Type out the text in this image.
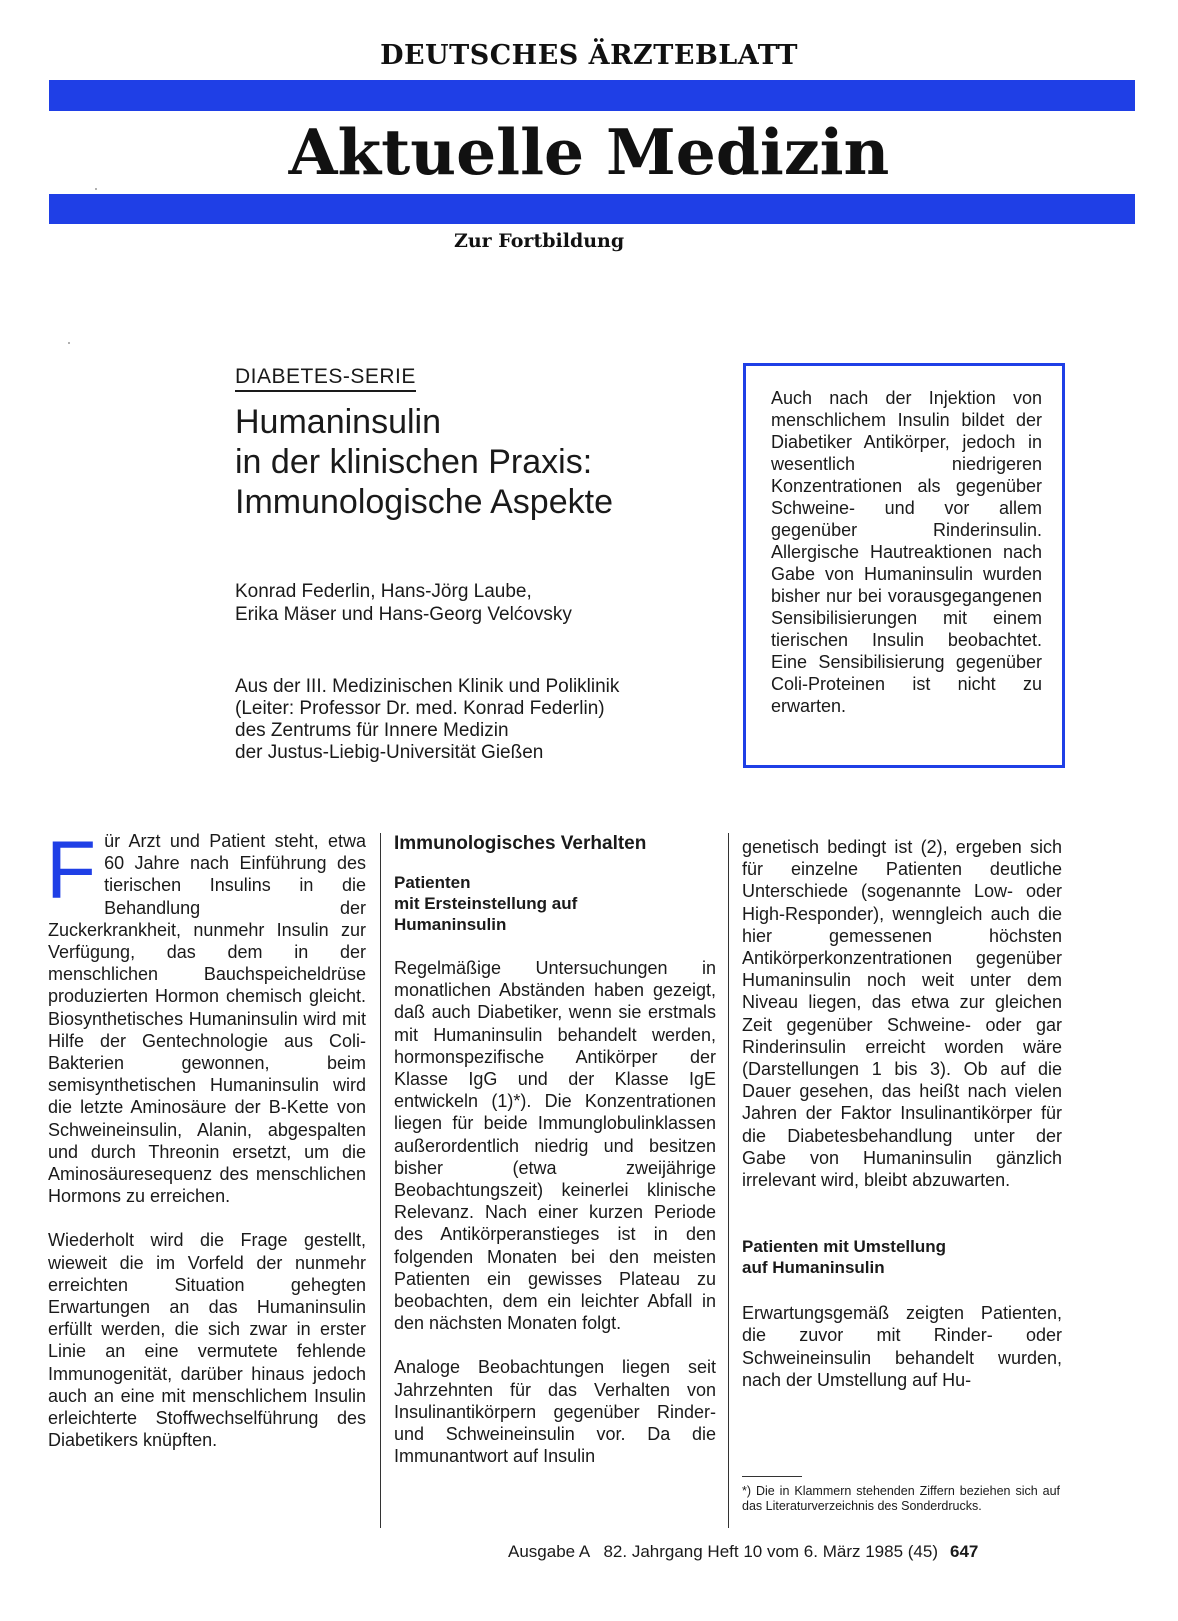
DEUTSCHES ÄRZTEBLATT
Aktuelle Medizin
Zur Fortbildung
DIABETES-SERIE
Humaninsulin
in der klinischen Praxis:
Immunologische Aspekte
Konrad Federlin, Hans-Jörg Laube,
Erika Mäser und Hans-Georg Velćovsky
Aus der III. Medizinischen Klinik und Poliklinik
(Leiter: Professor Dr. med. Konrad Federlin)
des Zentrums für Innere Medizin
der Justus-Liebig-Universität Gießen
Auch nach der Injektion von menschlichem Insulin bildet der Diabetiker Antikörper, jedoch in wesentlich niedrigeren Konzentrationen als gegenüber Schweine- und vor allem gegenüber Rinderinsulin. Allergische Hautreaktionen nach Gabe von Humaninsulin wurden bisher nur bei vorausgegangenen Sensibilisierungen mit einem tierischen Insulin beobachtet. Eine Sensibilisierung gegenüber Coli-Proteinen ist nicht zu erwarten.

Für Arzt und Patient steht, etwa 60 Jahre nach Einführung des tierischen Insulins in die Behandlung der Zuckerkrankheit, nunmehr Insulin zur Verfügung, das dem in der menschlichen Bauchspeicheldrüse produzierten Hormon chemisch gleicht. Biosynthetisches Humaninsulin wird mit Hilfe der Gentechnologie aus Coli-Bakterien gewonnen, beim semisynthetischen Humaninsulin wird die letzte Aminosäure der B-Kette von Schweineinsulin, Alanin, abgespalten und durch Threonin ersetzt, um die Aminosäuresequenz des menschlichen Hormons zu erreichen.

Wiederholt wird die Frage gestellt, wieweit die im Vorfeld der nunmehr erreichten Situation gehegten Erwartungen an das Humaninsulin erfüllt werden, die sich zwar in erster Linie an eine vermutete fehlende Immunogenität, darüber hinaus jedoch auch an eine mit menschlichem Insulin erleichterte Stoffwechselführung des Diabetikers knüpften.

Immunologisches Verhalten
Patienten
mit Ersteinstellung auf
Humaninsulin

Regelmäßige Untersuchungen in monatlichen Abständen haben gezeigt, daß auch Diabetiker, wenn sie erstmals mit Humaninsulin behandelt werden, hormonspezifische Antikörper der Klasse IgG und der Klasse IgE entwickeln (1)*). Die Konzentrationen liegen für beide Immunglobulinklassen außerordentlich niedrig und besitzen bisher (etwa zweijährige Beobachtungszeit) keinerlei klinische Relevanz. Nach einer kurzen Periode des Antikörperanstieges ist in den folgenden Monaten bei den meisten Patienten ein gewisses Plateau zu beobachten, dem ein leichter Abfall in den nächsten Monaten folgt.

Analoge Beobachtungen liegen seit Jahrzehnten für das Verhalten von Insulinantikörpern gegenüber Rinder- und Schweineinsulin vor. Da die Immunantwort auf Insulin

genetisch bedingt ist (2), ergeben sich für einzelne Patienten deutliche Unterschiede (sogenannte Low- oder High-Responder), wenngleich auch die hier gemessenen höchsten Antikörperkonzentrationen gegenüber Humaninsulin noch weit unter dem Niveau liegen, das etwa zur gleichen Zeit gegenüber Schweine- oder gar Rinderinsulin erreicht worden wäre (Darstellungen 1 bis 3). Ob auf die Dauer gesehen, das heißt nach vielen Jahren der Faktor Insulinantikörper für die Diabetesbehandlung unter der Gabe von Humaninsulin gänzlich irrelevant wird, bleibt abzuwarten.

Patienten mit Umstellung
auf Humaninsulin

Erwartungsgemäß zeigten Patienten, die zuvor mit Rinder- oder Schweineinsulin behandelt wurden, nach der Umstellung auf Hu-

*) Die in Klammern stehenden Ziffern beziehen sich auf das Literaturverzeichnis des Sonderdrucks.
Ausgabe A   82. Jahrgang Heft 10 vom 6. März 1985 (45) 647
